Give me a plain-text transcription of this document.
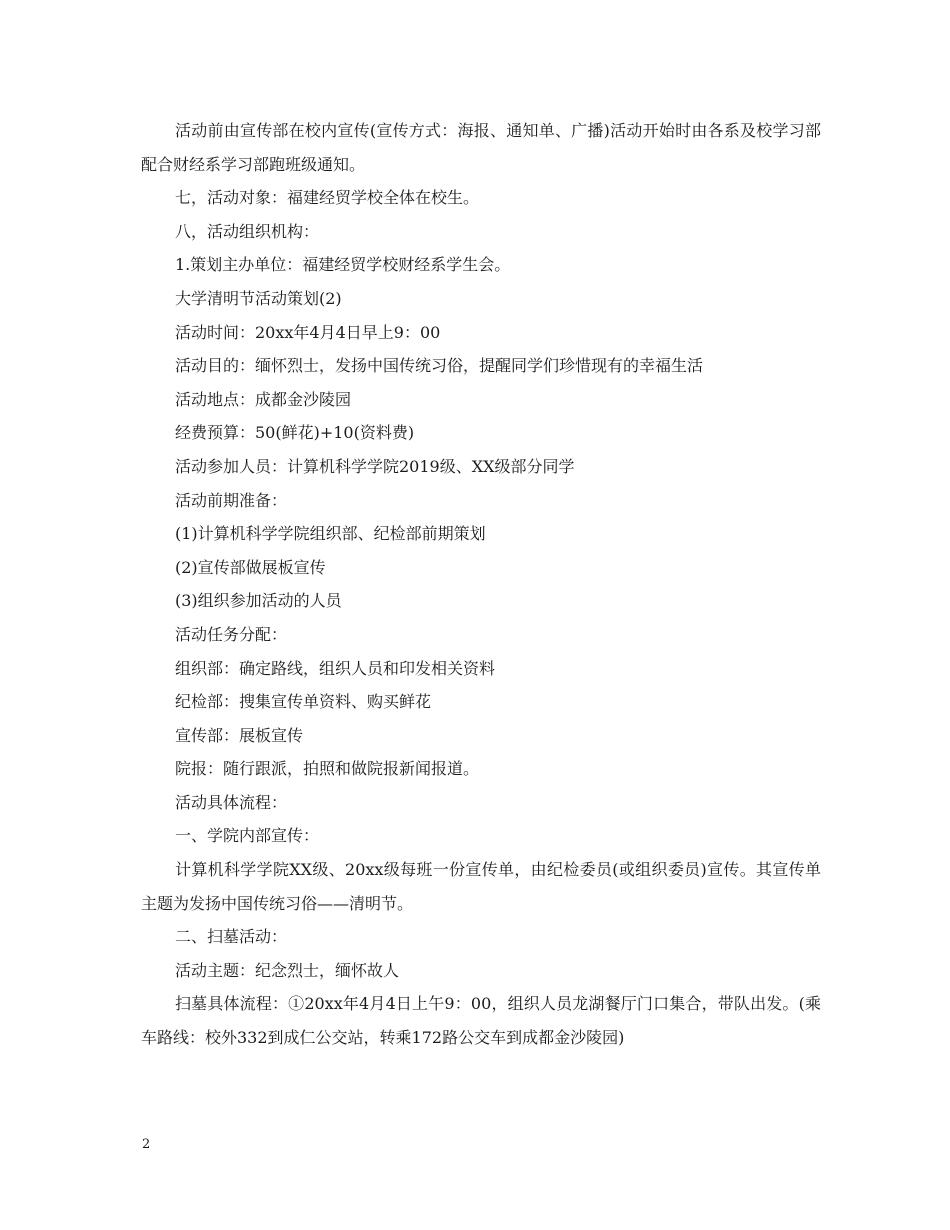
活动前由宣传部在校内宣传(宣传方式：海报、通知单、广播)活动开始时由各系及校学习部配合财经系学习部跑班级通知。

七，活动对象：福建经贸学校全体在校生。

八，活动组织机构：

1.策划主办单位：福建经贸学校财经系学生会。

大学清明节活动策划(2)

活动时间：20xx年4月4日早上9：00

活动目的：缅怀烈士，发扬中国传统习俗，提醒同学们珍惜现有的幸福生活

活动地点：成都金沙陵园

经费预算：50(鲜花)+10(资料费)

活动参加人员：计算机科学学院2019级、XX级部分同学

活动前期准备：

(1)计算机科学学院组织部、纪检部前期策划

(2)宣传部做展板宣传

(3)组织参加活动的人员

活动任务分配：

组织部：确定路线，组织人员和印发相关资料

纪检部：搜集宣传单资料、购买鲜花

宣传部：展板宣传

院报：随行跟派，拍照和做院报新闻报道。

活动具体流程：

一、学院内部宣传：

计算机科学学院XX级、20xx级每班一份宣传单，由纪检委员(或组织委员)宣传。其宣传单主题为发扬中国传统习俗——清明节。

二、扫墓活动：

活动主题：纪念烈士，缅怀故人

扫墓具体流程：①20xx年4月4日上午9：00，组织人员龙湖餐厅门口集合，带队出发。(乘车路线：校外332到成仁公交站，转乘172路公交车到成都金沙陵园)

2
